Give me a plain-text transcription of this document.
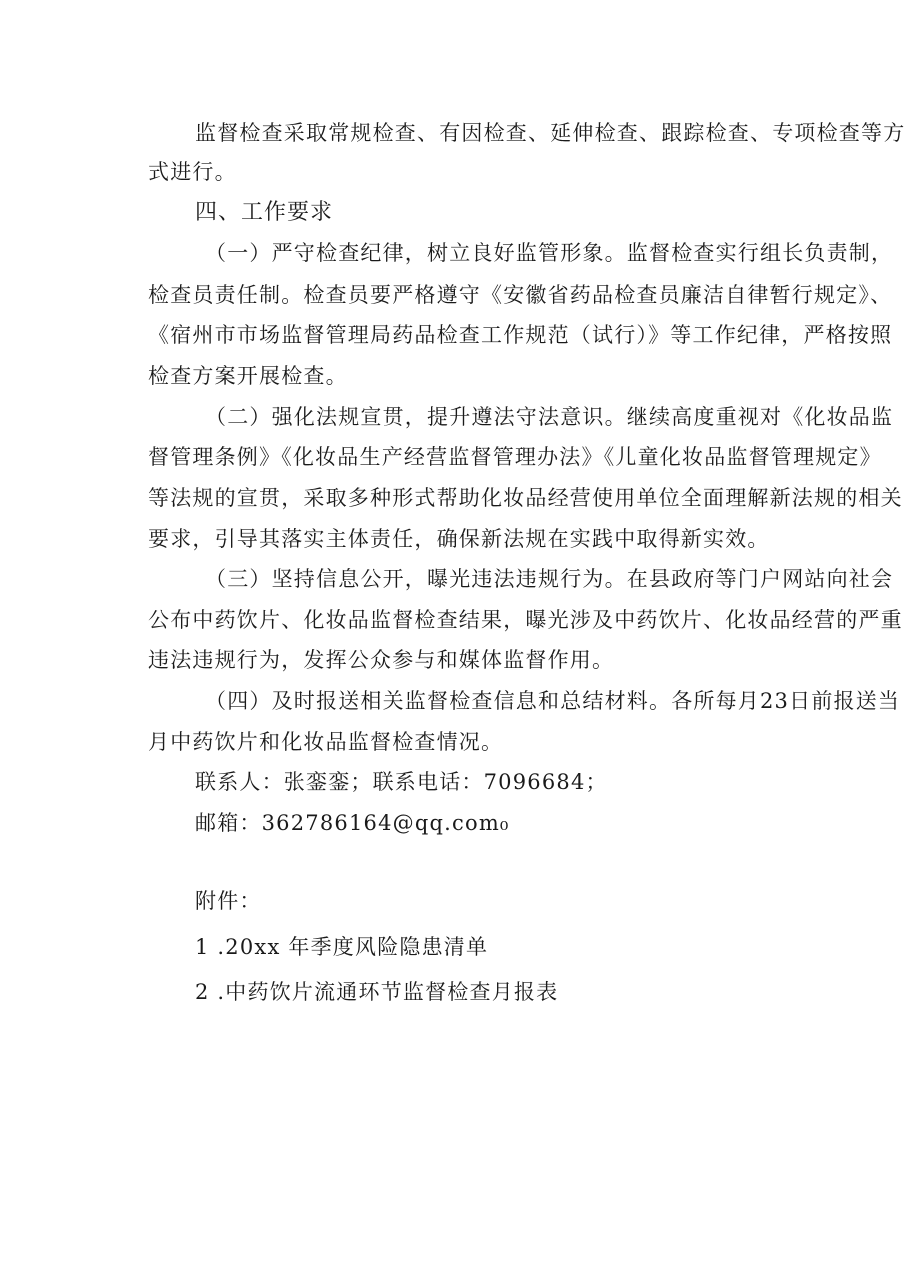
监督检查采取常规检查、有因检查、延伸检查、跟踪检查、专项检查等方
式进行。
四、工作要求
（一）严守检查纪律，树立良好监管形象。监督检查实行组长负责制，
检查员责任制。检查员要严格遵守《安徽省药品检查员廉洁自律暂行规定》、
《宿州市市场监督管理局药品检查工作规范（试行）》等工作纪律，严格按照
检查方案开展检查。
（二）强化法规宣贯，提升遵法守法意识。继续高度重视对《化妆品监
督管理条例》《化妆品生产经营监督管理办法》《儿童化妆品监督管理规定》
等法规的宣贯，采取多种形式帮助化妆品经营使用单位全面理解新法规的相关
要求，引导其落实主体责任，确保新法规在实践中取得新实效。
（三）坚持信息公开，曝光违法违规行为。在县政府等门户网站向社会
公布中药饮片、化妆品监督检查结果，曝光涉及中药饮片、化妆品经营的严重
违法违规行为，发挥公众参与和媒体监督作用。
（四）及时报送相关监督检查信息和总结材料。各所每月23日前报送当
月中药饮片和化妆品监督检查情况。
联系人：张銮銮；联系电话：7096684；
邮箱：362786164@qq.com₀
附件：
1 .20xx 年季度风险隐患清单
2 .中药饮片流通环节监督检查月报表
